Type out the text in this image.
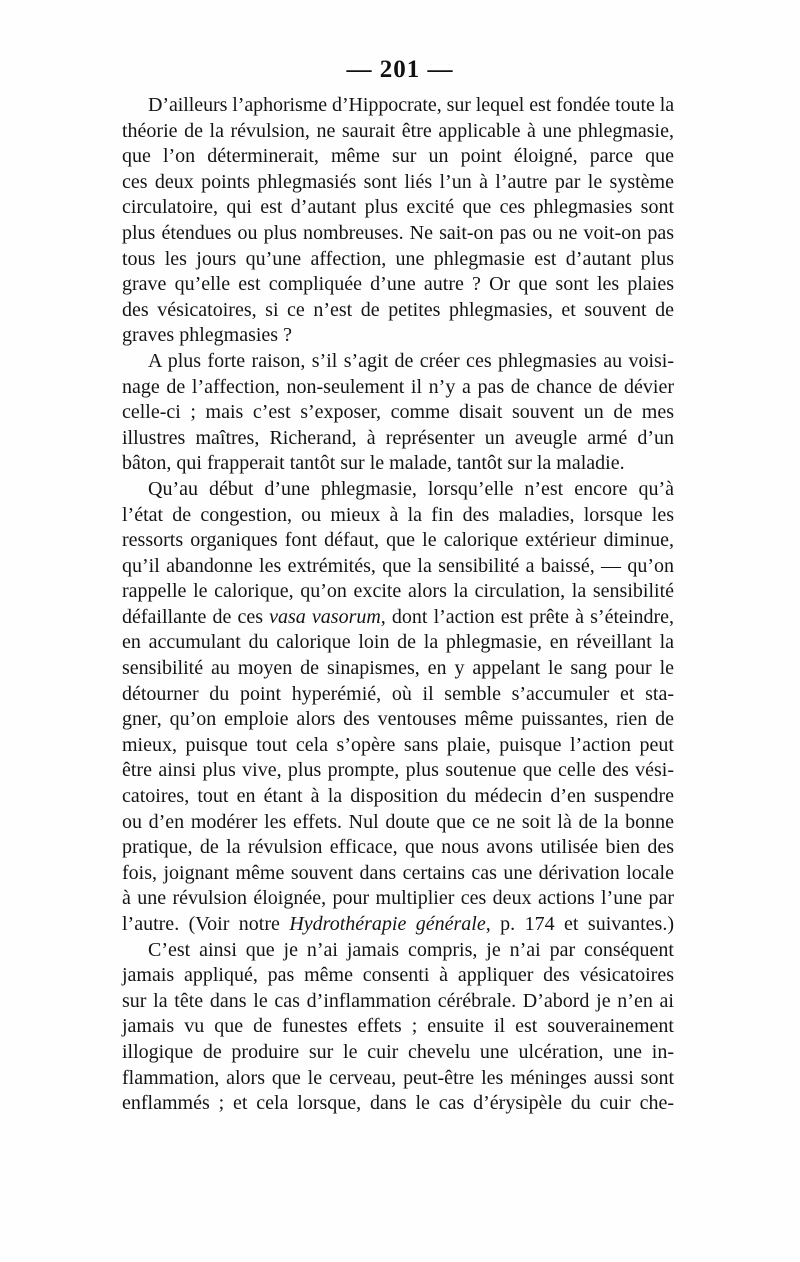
— 201 —
D’ailleurs l’aphorisme d’Hippocrate, sur lequel est fondée toute la
théorie de la révulsion, ne saurait être applicable à une phlegmasie,
que l’on déterminerait, même sur un point éloigné, parce que
ces deux points phlegmasiés sont liés l’un à l’autre par le système
circulatoire, qui est d’autant plus excité que ces phlegmasies sont
plus étendues ou plus nombreuses. Ne sait-on pas ou ne voit-on pas
tous les jours qu’une affection, une phlegmasie est d’autant plus
grave qu’elle est compliquée d’une autre ? Or que sont les plaies
des vésicatoires, si ce n’est de petites phlegmasies, et souvent de
graves phlegmasies ?
A plus forte raison, s’il s’agit de créer ces phlegmasies au voisi-
nage de l’affection, non-seulement il n’y a pas de chance de dévier
celle-ci ; mais c’est s’exposer, comme disait souvent un de mes
illustres maîtres, Richerand, à représenter un aveugle armé d’un
bâton, qui frapperait tantôt sur le malade, tantôt sur la maladie.
Qu’au début d’une phlegmasie, lorsqu’elle n’est encore qu’à
l’état de congestion, ou mieux à la fin des maladies, lorsque les
ressorts organiques font défaut, que le calorique extérieur diminue,
qu’il abandonne les extrémités, que la sensibilité a baissé, — qu’on
rappelle le calorique, qu’on excite alors la circulation, la sensibilité
défaillante de ces vasa vasorum, dont l’action est prête à s’éteindre,
en accumulant du calorique loin de la phlegmasie, en réveillant la
sensibilité au moyen de sinapismes, en y appelant le sang pour le
détourner du point hyperémié, où il semble s’accumuler et sta-
gner, qu’on emploie alors des ventouses même puissantes, rien de
mieux, puisque tout cela s’opère sans plaie, puisque l’action peut
être ainsi plus vive, plus prompte, plus soutenue que celle des vési-
catoires, tout en étant à la disposition du médecin d’en suspendre
ou d’en modérer les effets. Nul doute que ce ne soit là de la bonne
pratique, de la révulsion efficace, que nous avons utilisée bien des
fois, joignant même souvent dans certains cas une dérivation locale
à une révulsion éloignée, pour multiplier ces deux actions l’une par
l’autre. (Voir notre Hydrothérapie générale, p. 174 et suivantes.)
C’est ainsi que je n’ai jamais compris, je n’ai par conséquent
jamais appliqué, pas même consenti à appliquer des vésicatoires
sur la tête dans le cas d’inflammation cérébrale. D’abord je n’en ai
jamais vu que de funestes effets ; ensuite il est souverainement
illogique de produire sur le cuir chevelu une ulcération, une in-
flammation, alors que le cerveau, peut-être les méninges aussi sont
enflammés ; et cela lorsque, dans le cas d’érysipèle du cuir che-
